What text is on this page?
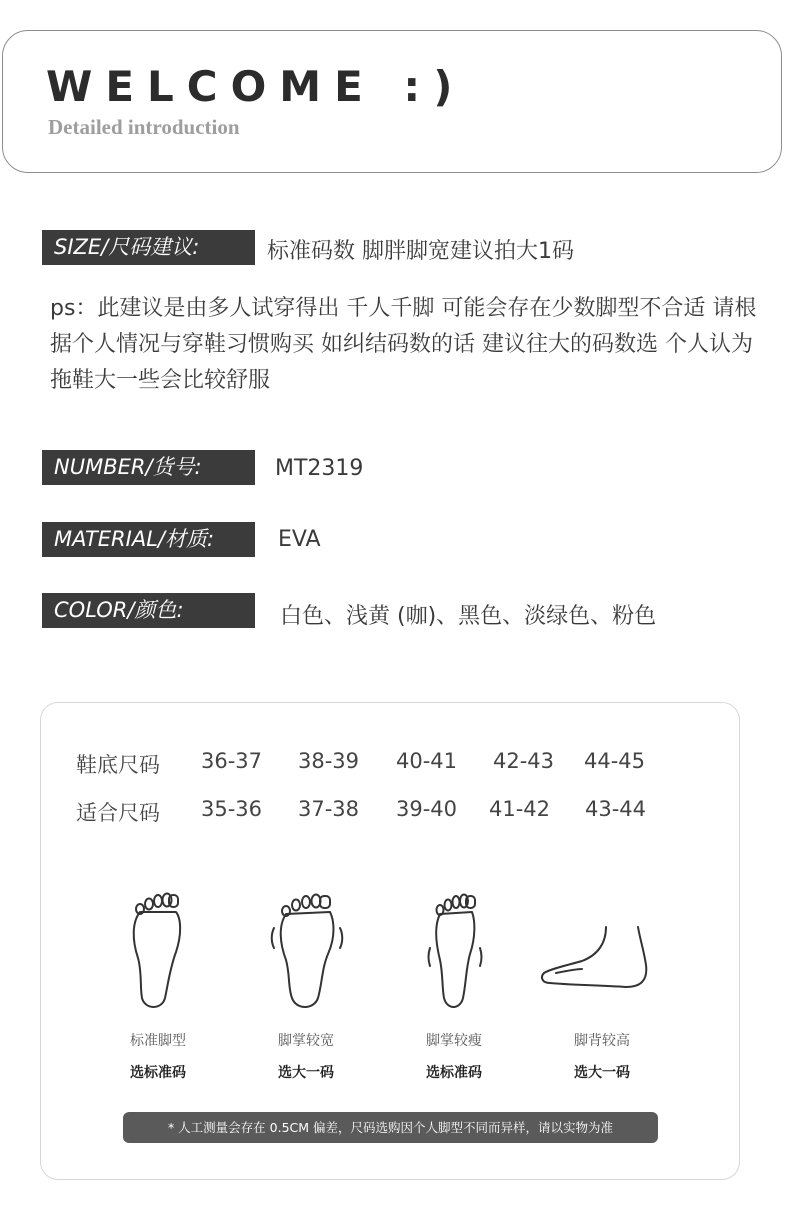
WELCOME :)
Detailed introduction
SIZE/尺码建议:	标准码数 脚胖脚宽建议拍大1码
ps：此建议是由多人试穿得出 千人千脚 可能会存在少数脚型不合适 请根据个人情况与穿鞋习惯购买 如纠结码数的话 建议往大的码数选 个人认为拖鞋大一些会比较舒服
NUMBER/货号:	MT2319
MATERIAL/材质:	EVA
COLOR/颜色:	白色、浅黄 (咖)、黑色、淡绿色、粉色
鞋底尺码 36-37 38-39 40-41 42-43 44-45
适合尺码 35-36 37-38 39-40 41-42 43-44
标准脚型	脚掌较宽	脚掌较瘦	脚背较高
选标准码	选大一码	选标准码	选大一码
* 人工测量会存在 0.5CM 偏差，尺码选购因个人脚型不同而异样，请以实物为准
